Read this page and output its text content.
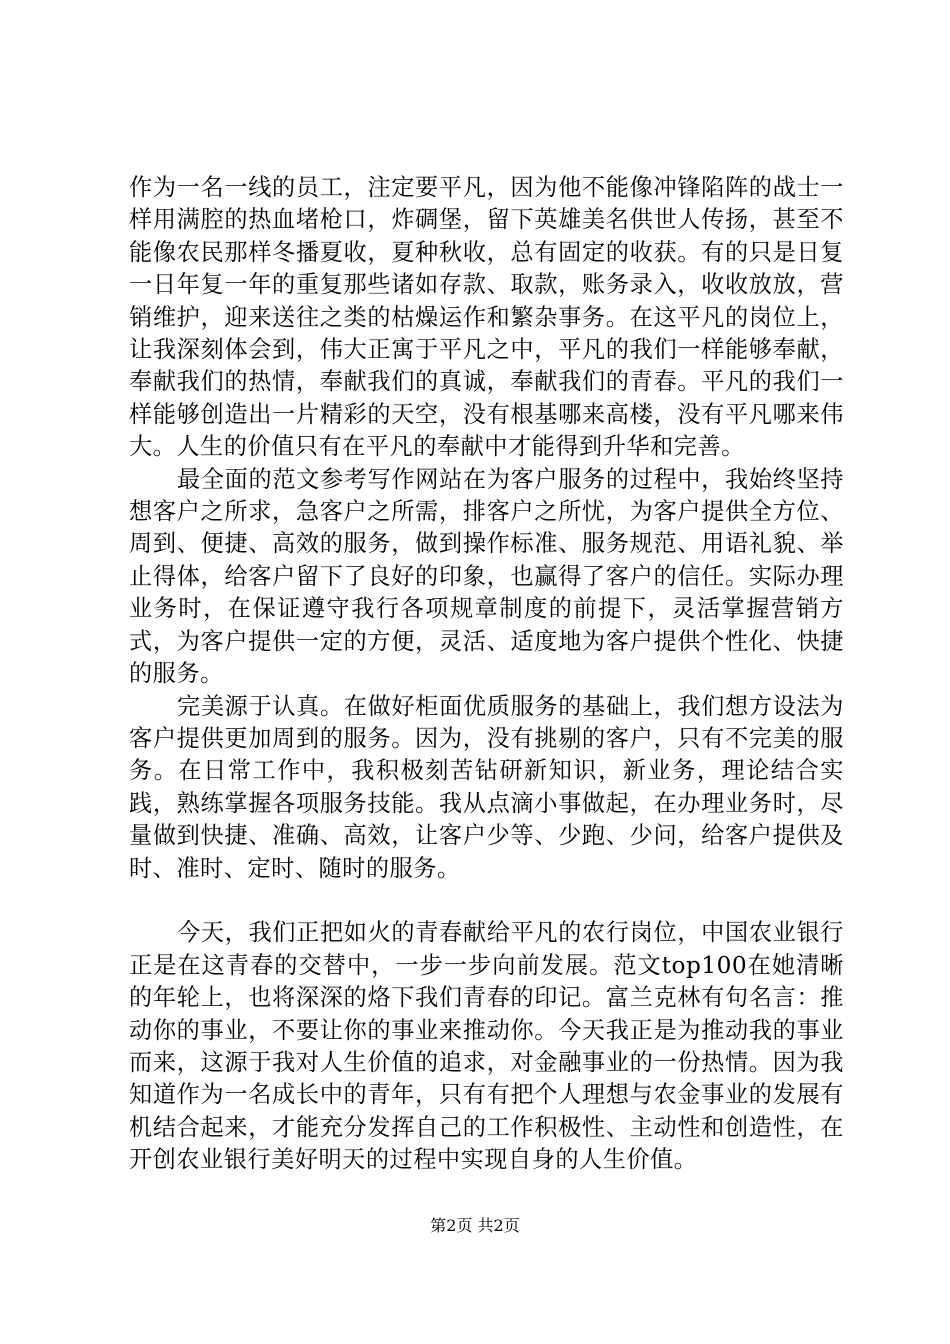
作为一名一线的员工，注定要平凡，因为他不能像冲锋陷阵的战士一样用满腔的热血堵枪口，炸碉堡，留下英雄美名供世人传扬，甚至不能像农民那样冬播夏收，夏种秋收，总有固定的收获。有的只是日复一日年复一年的重复那些诸如存款、取款，账务录入，收收放放，营销维护，迎来送往之类的枯燥运作和繁杂事务。在这平凡的岗位上，让我深刻体会到，伟大正寓于平凡之中，平凡的我们一样能够奉献，奉献我们的热情，奉献我们的真诚，奉献我们的青春。平凡的我们一样能够创造出一片精彩的天空，没有根基哪来高楼，没有平凡哪来伟大。人生的价值只有在平凡的奉献中才能得到升华和完善。

最全面的范文参考写作网站在为客户服务的过程中，我始终坚持想客户之所求，急客户之所需，排客户之所忧，为客户提供全方位、周到、便捷、高效的服务，做到操作标准、服务规范、用语礼貌、举止得体，给客户留下了良好的印象，也赢得了客户的信任。实际办理业务时，在保证遵守我行各项规章制度的前提下，灵活掌握营销方式，为客户提供一定的方便，灵活、适度地为客户提供个性化、快捷的服务。

完美源于认真。在做好柜面优质服务的基础上，我们想方设法为客户提供更加周到的服务。因为，没有挑剔的客户，只有不完美的服务。在日常工作中，我积极刻苦钻研新知识，新业务，理论结合实践，熟练掌握各项服务技能。我从点滴小事做起，在办理业务时，尽量做到快捷、准确、高效，让客户少等、少跑、少问，给客户提供及时、准时、定时、随时的服务。

今天，我们正把如火的青春献给平凡的农行岗位，中国农业银行正是在这青春的交替中，一步一步向前发展。范文top100在她清晰的年轮上，也将深深的烙下我们青春的印记。富兰克林有句名言：推动你的事业，不要让你的事业来推动你。今天我正是为推动我的事业而来，这源于我对人生价值的追求，对金融事业的一份热情。因为我知道作为一名成长中的青年，只有有把个人理想与农金事业的发展有机结合起来，才能充分发挥自己的工作积极性、主动性和创造性，在开创农业银行美好明天的过程中实现自身的人生价值。

第2页 共2页
